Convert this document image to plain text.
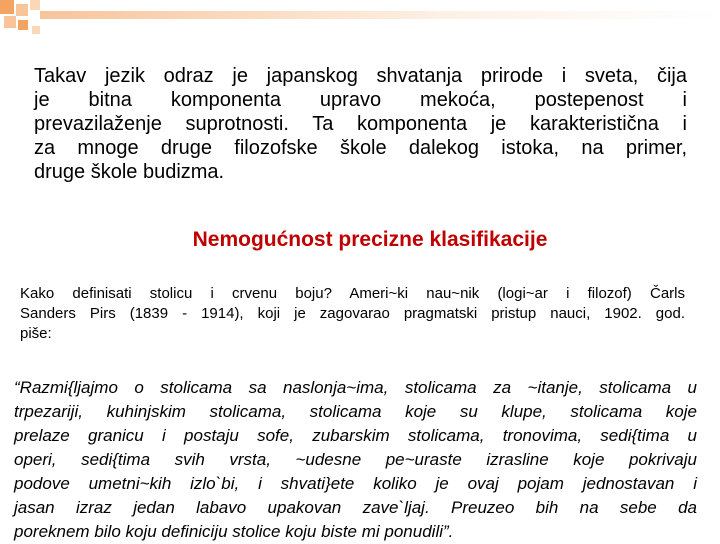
Takav jezik odraz je japanskog shvatanja prirode i sveta, čija
je bitna komponenta upravo mekoća, postepenost i
prevazilaženje suprotnosti. Ta komponenta je karakteristična i
za mnoge druge filozofske škole dalekog istoka, na primer,
druge škole budizma.

Nemogućnost precizne klasifikacije

Kako definisati stolicu i crvenu boju? Ameri~ki nau~nik (logi~ar i filozof) Čarls
Sanders Pirs (1839 - 1914), koji je zagovarao pragmatski pristup nauci, 1902. god.
piše:

“Razmi{ljajmo o stolicama sa naslonja~ima, stolicama za ~itanje, stolicama u
trpezariji, kuhinjskim stolicama, stolicama koje su klupe, stolicama koje
prelaze granicu i postaju sofe, zubarskim stolicama, tronovima, sedi{tima u
operi, sedi{tima svih vrsta, ~udesne pe~uraste izrasline koje pokrivaju
podove umetni~kih izlo`bi, i shvati}ete koliko je ovaj pojam jednostavan i
jasan izraz jedan labavo upakovan zave`ljaj. Preuzeo bih na sebe da
poreknem bilo koju definiciju stolice koju biste mi ponudili”.
